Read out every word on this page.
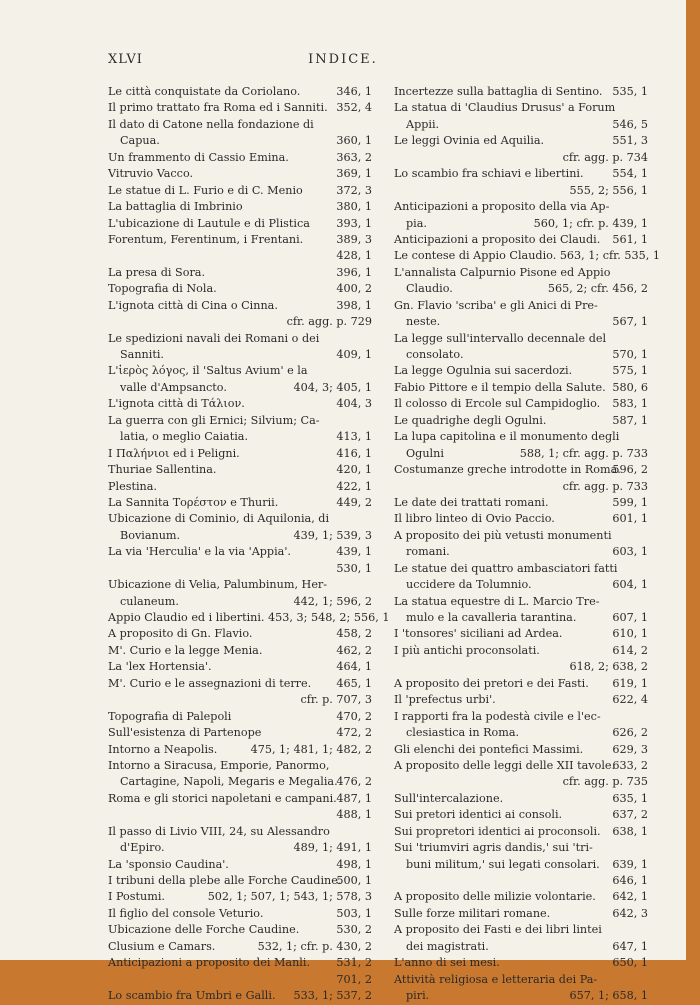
XLVI	INDICE.
Le città conquistate da Coriolano.	346, 1
Il primo trattato fra Roma ed i Sanniti. 352, 4
Il dato di Catone nella fondazione di
Capua.	360, 1
Un frammento di Cassio Emina.	363, 2
Vitruvio Vacco.	369, 1
Le statue di L. Furio e di C. Menio	372, 3
La battaglia di Imbrinio	380, 1
L'ubicazione di Lautule e di Plistica 393, 1
Forentum, Ferentinum, i Frentani.	389, 3
428, 1
La presa di Sora.	396, 1
Topografia di Nola.	400, 2
L'ignota città di Cina o Cinna.	398, 1
cfr. agg. p. 729
Le spedizioni navali dei Romani o dei
Sanniti.	409, 1
L'ἱερὸς λόγος, il 'Saltus Avium' e la
valle d'Ampsancto.	404, 3; 405, 1
L'ignota città di Τάλιον.	404, 3
La guerra con gli Ernici; Silvium; Ca-
latia, o meglio Caiatia.	413, 1
I Παλήνιοι ed i Peligni.	416, 1
Thuriae Sallentina.	420, 1
Plestina.	422, 1
La Sannita Τορέστον e Thurii.	449, 2
Ubicazione di Cominio, di Aquilonia, di
Bovianum.	439, 1; 539, 3
La via 'Herculia' e la via 'Appia'.	439, 1
530, 1
Ubicazione di Velia, Palumbinum, Her-
culaneum.	442, 1; 596, 2
Appio Claudio ed i libertini. 453, 3; 548, 2; 556, 1
A proposito di Gn. Flavio.	458, 2
M'. Curio e la legge Menia.	462, 2
La 'lex Hortensia'.	464, 1
M'. Curio e le assegnazioni di terre. 465, 1
cfr. p. 707, 3
Topografia di Palepoli	470, 2
Sull'esistenza di Partenope	472, 2
Intorno a Neapolis.	475, 1; 481, 1; 482, 2
Intorno a Siracusa, Emporie, Panormo,
Cartagine, Napoli, Megaris e Megalia.
476, 2
Roma e gli storici napoletani e campani. 487, 1
488, 1
Il passo di Livio VIII, 24, su Alessandro
d'Epiro.	489, 1; 491, 1
La 'sponsio Caudina'.	498, 1
I tribuni della plebe alle Forche Caudine.
500, 1
I Postumi.	502, 1; 507, 1; 543, 1; 578, 3
Il figlio del console Veturio.	503, 1
Ubicazione delle Forche Caudine.	530, 2
Clusium e Camars.	532, 1; cfr. p. 430, 2
Anticipazioni a proposito dei Manli. 531, 2
701, 2
Lo scambio fra Umbri e Galli. 533, 1; 537, 2
Incertezze sulla battaglia di Sentino. 535, 1
La statua di 'Claudius Drusus' a Forum
Appii.	546, 5
Le leggi Ovinia ed Aquilia.	551, 3
cfr. agg. p. 734
Lo scambio fra schiavi e libertini.	554, 1
555, 2; 556, 1
Anticipazioni a proposito della via Ap-
pia.	560, 1; cfr. p. 439, 1
Anticipazioni a proposito dei Claudi. 561, 1
Le contese di Appio Claudio. 563, 1; cfr. 535, 1
L'annalista Calpurnio Pisone ed Appio
Claudio.	565, 2; cfr. 456, 2
Gn. Flavio 'scriba' e gli Anici di Pre-
neste.	567, 1
La legge sull'intervallo decennale del
consolato.	570, 1
La legge Ogulnia sui sacerdozi.	575, 1
Fabio Pittore e il tempio della Salute. 580, 6
Il colosso di Ercole sul Campidoglio. 583, 1
Le quadrighe degli Ogulni.	587, 1
La lupa capitolina e il monumento degli
Ogulni	588, 1; cfr. agg. p. 733
Costumanze greche introdotte in Roma.
596, 2
cfr. agg. p. 733
Le date dei trattati romani.	599, 1
Il libro linteo di Ovio Paccio.	601, 1
A proposito dei più vetusti monumenti
romani.	603, 1
Le statue dei quattro ambasciatori fatti
uccidere da Tolumnio.	604, 1
La statua equestre di L. Marcio Tre-
mulo e la cavalleria tarantina.	607, 1
I 'tonsores' siciliani ad Ardea.	610, 1
I più antichi proconsolati.	614, 2
618, 2; 638, 2
A proposito dei pretori e dei Fasti. 619, 1
Il 'prefectus urbi'.	622, 4
I rapporti fra la podestà civile e l'ec-
clesiastica in Roma.	626, 2
Gli elenchi dei pontefici Massimi.	629, 3
A proposito delle leggi delle XII tavole.
633, 2
cfr. agg. p. 735
Sull'intercalazione.	635, 1
Sui pretori identici ai consoli.	637, 2
Sui propretori identici ai proconsoli. 638, 1
Sui 'triumviri agris dandis,' sui 'tri-
buni militum,' sui legati consolari. 639, 1
646, 1
A proposito delle milizie volontarie. 642, 1
Sulle forze militari romane.	642, 3
A proposito dei Fasti e dei libri lintei
dei magistrati.	647, 1
L'anno di sei mesi.	650, 1
Attività religiosa e letteraria dei Pa-
piri.	657, 1; 658, 1
